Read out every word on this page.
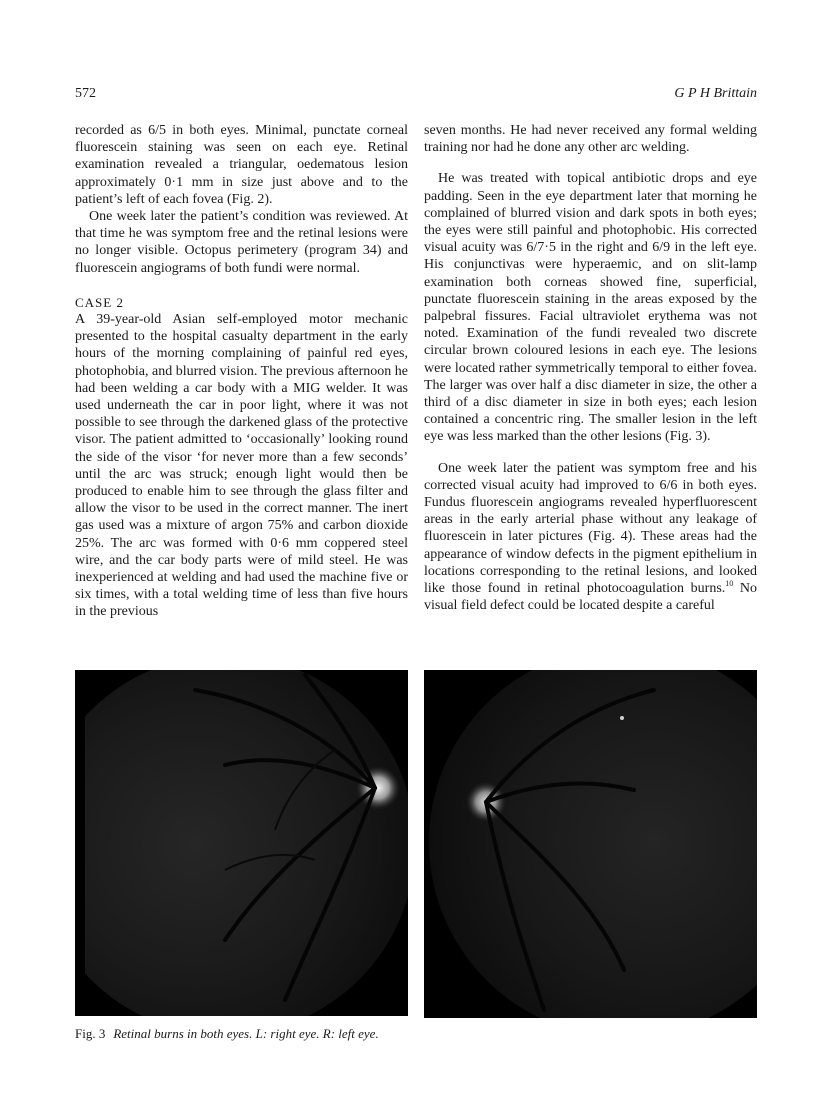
572	G P H Brittain

recorded as 6/5 in both eyes. Minimal, punctate corneal fluorescein staining was seen on each eye. Retinal examination revealed a triangular, oedematous lesion approximately 0·1 mm in size just above and to the patient’s left of each fovea (Fig. 2).

One week later the patient’s condition was reviewed. At that time he was symptom free and the retinal lesions were no longer visible. Octopus perimetery (program 34) and fluorescein angiograms of both fundi were normal.

CASE 2

A 39-year-old Asian self-employed motor mechanic presented to the hospital casualty department in the early hours of the morning complaining of painful red eyes, photophobia, and blurred vision. The previous afternoon he had been welding a car body with a MIG welder. It was used underneath the car in poor light, where it was not possible to see through the darkened glass of the protective visor. The patient admitted to ‘occasionally’ looking round the side of the visor ‘for never more than a few seconds’ until the arc was struck; enough light would then be produced to enable him to see through the glass filter and allow the visor to be used in the correct manner. The inert gas used was a mixture of argon 75% and carbon dioxide 25%. The arc was formed with 0·6 mm coppered steel wire, and the car body parts were of mild steel. He was inexperienced at welding and had used the machine five or six times, with a total welding time of less than five hours in the previous

seven months. He had never received any formal welding training nor had he done any other arc welding.

He was treated with topical antibiotic drops and eye padding. Seen in the eye department later that morning he complained of blurred vision and dark spots in both eyes; the eyes were still painful and photophobic. His corrected visual acuity was 6/7·5 in the right and 6/9 in the left eye. His conjunctivas were hyperaemic, and on slit-lamp examination both corneas showed fine, superficial, punctate fluorescein staining in the areas exposed by the palpebral fissures. Facial ultraviolet erythema was not noted. Examination of the fundi revealed two discrete circular brown coloured lesions in each eye. The lesions were located rather symmetrically temporal to either fovea. The larger was over half a disc diameter in size, the other a third of a disc diameter in size in both eyes; each lesion contained a concentric ring. The smaller lesion in the left eye was less marked than the other lesions (Fig. 3).

One week later the patient was symptom free and his corrected visual acuity had improved to 6/6 in both eyes. Fundus fluorescein angiograms revealed hyperfluorescent areas in the early arterial phase without any leakage of fluorescein in later pictures (Fig. 4). These areas had the appearance of window defects in the pigment epithelium in locations corresponding to the retinal lesions, and looked like those found in retinal photocoagulation burns.$^{10}$ No visual field defect could be located despite a careful

Fig. 3 Retinal burns in both eyes. L: right eye. R: left eye.
